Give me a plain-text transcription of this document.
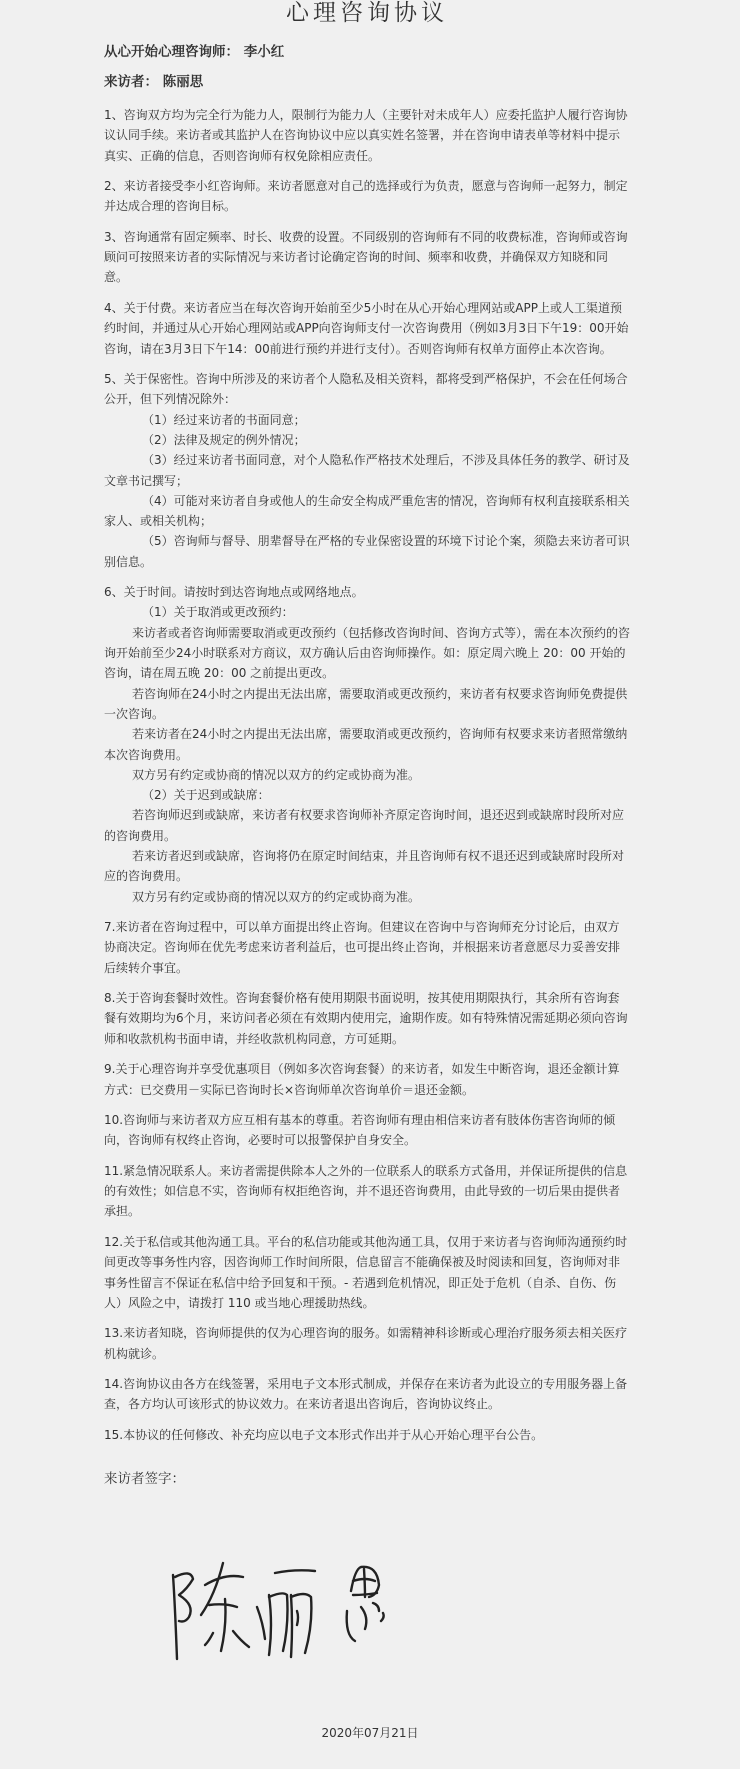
心理咨询协议
从心开始心理咨询师： 李小红
来访者： 陈丽思

1、咨询双方均为完全行为能力人，限制行为能力人（主要针对未成年人）应委托监护人履行咨询协议认同手续。来访者或其监护人在咨询协议中应以真实姓名签署，并在咨询申请表单等材料中提示真实、正确的信息，否则咨询师有权免除相应责任。

2、来访者接受李小红咨询师。来访者愿意对自己的选择或行为负责，愿意与咨询师一起努力，制定并达成合理的咨询目标。

3、咨询通常有固定频率、时长、收费的设置。不同级别的咨询师有不同的收费标准，咨询师或咨询顾问可按照来访者的实际情况与来访者讨论确定咨询的时间、频率和收费，并确保双方知晓和同意。

4、关于付费。来访者应当在每次咨询开始前至少5小时在从心开始心理网站或APP上或人工渠道预约时间，并通过从心开始心理网站或APP向咨询师支付一次咨询费用（例如3月3日下午19：00开始咨询，请在3月3日下午14：00前进行预约并进行支付）。否则咨询师有权单方面停止本次咨询。

5、关于保密性。咨询中所涉及的来访者个人隐私及相关资料，都将受到严格保护，不会在任何场合公开，但下列情况除外：

（1）经过来访者的书面同意；

（2）法律及规定的例外情况；

（3）经过来访者书面同意，对个人隐私作严格技术处理后，不涉及具体任务的教学、研讨及文章书记撰写；

（4）可能对来访者自身或他人的生命安全构成严重危害的情况，咨询师有权利直接联系相关家人、或相关机构；

（5）咨询师与督导、朋辈督导在严格的专业保密设置的环境下讨论个案，须隐去来访者可识别信息。

6、关于时间。请按时到达咨询地点或网络地点。

（1）关于取消或更改预约：

来访者或者咨询师需要取消或更改预约（包括修改咨询时间、咨询方式等），需在本次预约的咨询开始前至少24小时联系对方商议，双方确认后由咨询师操作。如：原定周六晚上 20：00 开始的咨询，请在周五晚 20：00 之前提出更改。

若咨询师在24小时之内提出无法出席，需要取消或更改预约，来访者有权要求咨询师免费提供一次咨询。

若来访者在24小时之内提出无法出席，需要取消或更改预约，咨询师有权要求来访者照常缴纳本次咨询费用。

双方另有约定或协商的情况以双方的约定或协商为准。

（2）关于迟到或缺席：

若咨询师迟到或缺席，来访者有权要求咨询师补齐原定咨询时间，退还迟到或缺席时段所对应的咨询费用。

若来访者迟到或缺席，咨询将仍在原定时间结束，并且咨询师有权不退还迟到或缺席时段所对应的咨询费用。

双方另有约定或协商的情况以双方的约定或协商为准。

7.来访者在咨询过程中，可以单方面提出终止咨询。但建议在咨询中与咨询师充分讨论后，由双方协商决定。咨询师在优先考虑来访者利益后，也可提出终止咨询，并根据来访者意愿尽力妥善安排后续转介事宜。

8.关于咨询套餐时效性。咨询套餐价格有使用期限书面说明，按其使用期限执行，其余所有咨询套餐有效期均为6个月，来访问者必须在有效期内使用完，逾期作废。如有特殊情况需延期必须向咨询师和收款机构书面申请，并经收款机构同意，方可延期。

9.关于心理咨询并享受优惠项目（例如多次咨询套餐）的来访者，如发生中断咨询，退还金额计算方式：已交费用－实际已咨询时长×咨询师单次咨询单价＝退还金额。

10.咨询师与来访者双方应互相有基本的尊重。若咨询师有理由相信来访者有肢体伤害咨询师的倾向，咨询师有权终止咨询，必要时可以报警保护自身安全。

11.紧急情况联系人。来访者需提供除本人之外的一位联系人的联系方式备用，并保证所提供的信息的有效性；如信息不实，咨询师有权拒绝咨询，并不退还咨询费用，由此导致的一切后果由提供者承担。

12.关于私信或其他沟通工具。平台的私信功能或其他沟通工具，仅用于来访者与咨询师沟通预约时间更改等事务性内容，因咨询师工作时间所限，信息留言不能确保被及时阅读和回复，咨询师对非事务性留言不保证在私信中给予回复和干预。- 若遇到危机情况，即正处于危机（自杀、自伤、伤人）风险之中，请拨打 110 或当地心理援助热线。

13.来访者知晓，咨询师提供的仅为心理咨询的服务。如需精神科诊断或心理治疗服务须去相关医疗机构就诊。

14.咨询协议由各方在线签署，采用电子文本形式制成，并保存在来访者为此设立的专用服务器上备查，各方均认可该形式的协议效力。在来访者退出咨询后，咨询协议终止。

15.本协议的任何修改、补充均应以电子文本形式作出并于从心开始心理平台公告。

来访者签字：
2020年07月21日
